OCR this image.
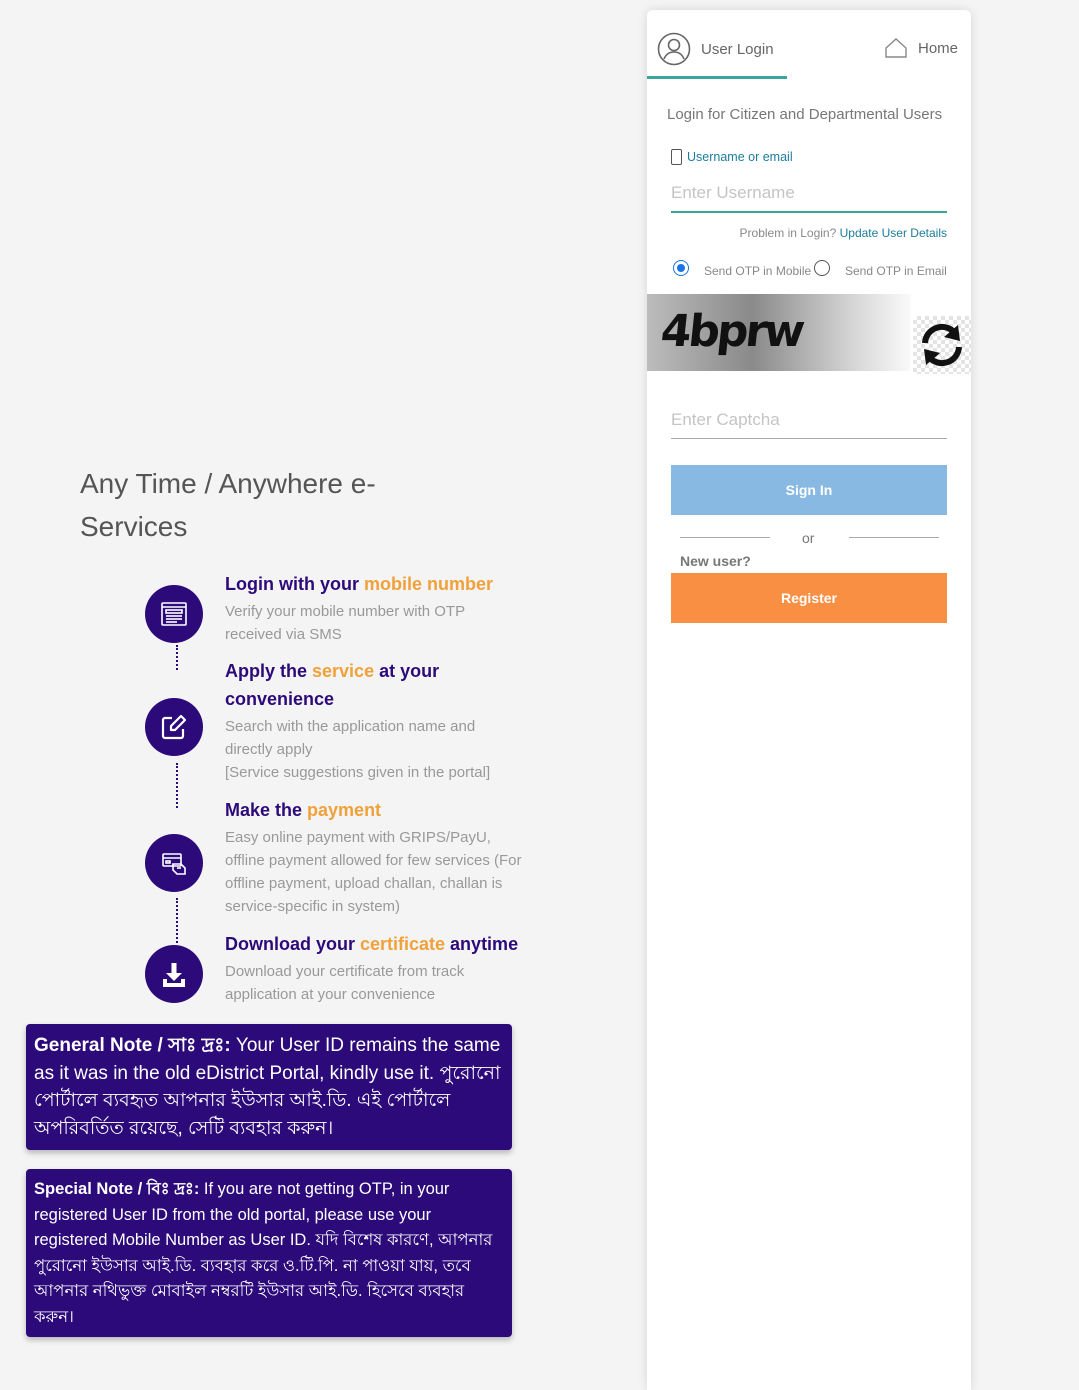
Any Time / Anywhere e-Services
Login with your mobile number
Verify your mobile number with OTP received via SMS
Apply the service at your convenience
Search with the application name and directly apply
[Service suggestions given in the portal]
Make the payment
Easy online payment with GRIPS/PayU, offline payment allowed for few services (For offline payment, upload challan, challan is service-specific in system)
Download your certificate anytime
Download your certificate from track application at your convenience
General Note / সাঃ দ্রঃ: Your User ID remains the same as it was in the old eDistrict Portal, kindly use it. পুরোনো পোর্টালে ব্যবহৃত আপনার ইউসার আই.ডি. এই পোর্টালে অপরিবর্তিত রয়েছে, সেটি ব্যবহার করুন।
Special Note / বিঃ দ্রঃ: If you are not getting OTP, in your registered User ID from the old portal, please use your registered Mobile Number as User ID. যদি বিশেষ কারণে, আপনার পুরোনো ইউসার আই.ডি. ব্যবহার করে ও.টি.পি. না পাওয়া যায়, তবে আপনার নথিভুক্ত মোবাইল নম্বরটি ইউসার আই.ডি. হিসেবে ব্যবহার করুন।
User Login	Home
Login for Citizen and Departmental Users
Username or email
Enter Username
Problem in Login? Update User Details
Send OTP in Mobile	Send OTP in Email
4bprw
Enter Captcha
Sign In
or
New user?
Register
